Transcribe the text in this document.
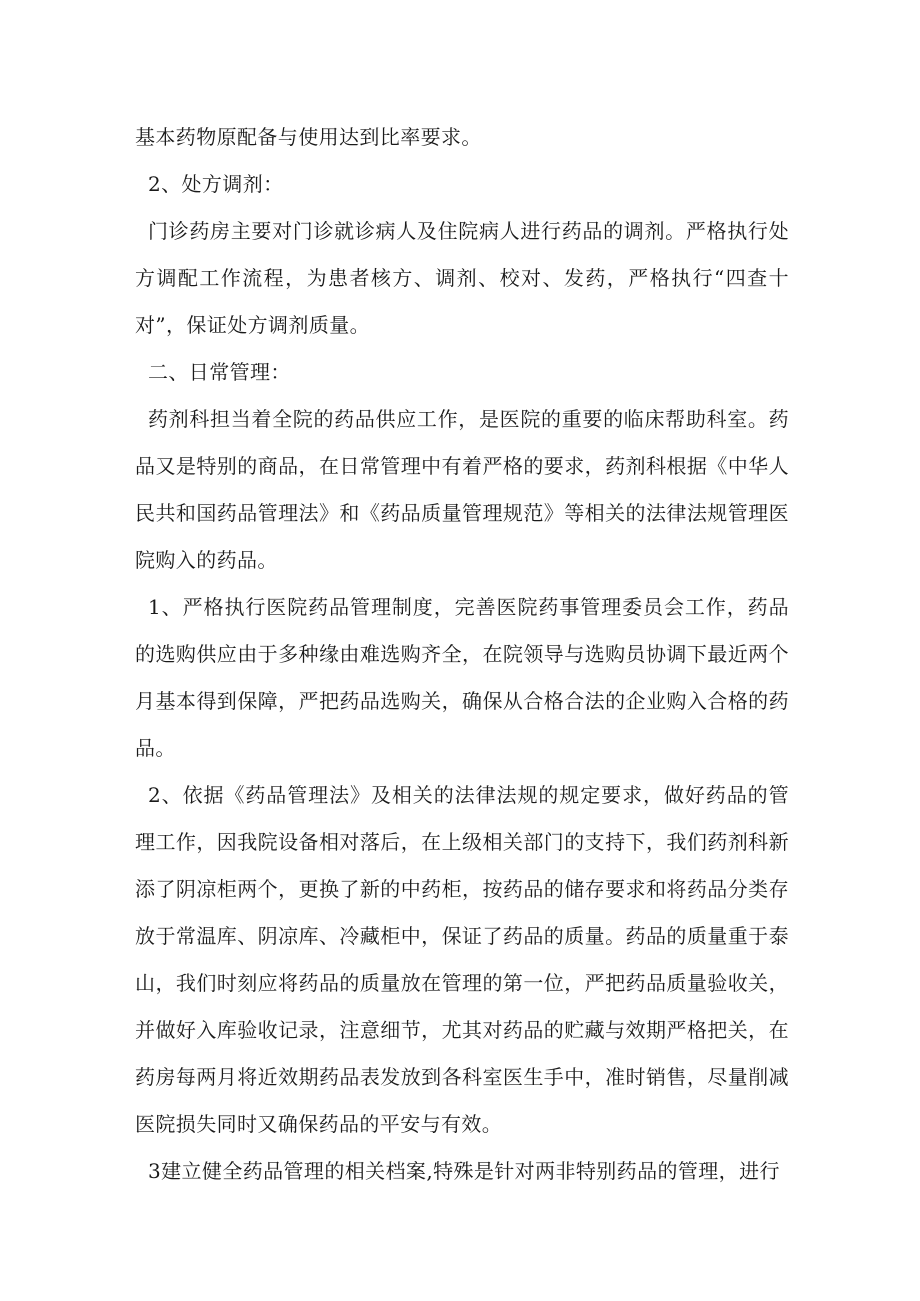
基本药物原配备与使用达到比率要求。

2、处方调剂：

门诊药房主要对门诊就诊病人及住院病人进行药品的调剂。严格执行处方调配工作流程，为患者核方、调剂、校对、发药，严格执行“四查十对”，保证处方调剂质量。

二、日常管理：

药剂科担当着全院的药品供应工作，是医院的重要的临床帮助科室。药品又是特别的商品，在日常管理中有着严格的要求，药剂科根据《中华人民共和国药品管理法》和《药品质量管理规范》等相关的法律法规管理医院购入的药品。

1、严格执行医院药品管理制度，完善医院药事管理委员会工作，药品的选购供应由于多种缘由难选购齐全，在院领导与选购员协调下最近两个月基本得到保障，严把药品选购关，确保从合格合法的企业购入合格的药品。

2、依据《药品管理法》及相关的法律法规的规定要求，做好药品的管理工作，因我院设备相对落后，在上级相关部门的支持下，我们药剂科新添了阴凉柜两个，更换了新的中药柜，按药品的储存要求和将药品分类存放于常温库、阴凉库、冷藏柜中，保证了药品的质量。药品的质量重于泰山，我们时刻应将药品的质量放在管理的第一位，严把药品质量验收关，并做好入库验收记录，注意细节，尤其对药品的贮藏与效期严格把关，在药房每两月将近效期药品表发放到各科室医生手中，准时销售，尽量削减医院损失同时又确保药品的平安与有效。

3建立健全药品管理的相关档案,特殊是针对两非特别药品的管理，进行
